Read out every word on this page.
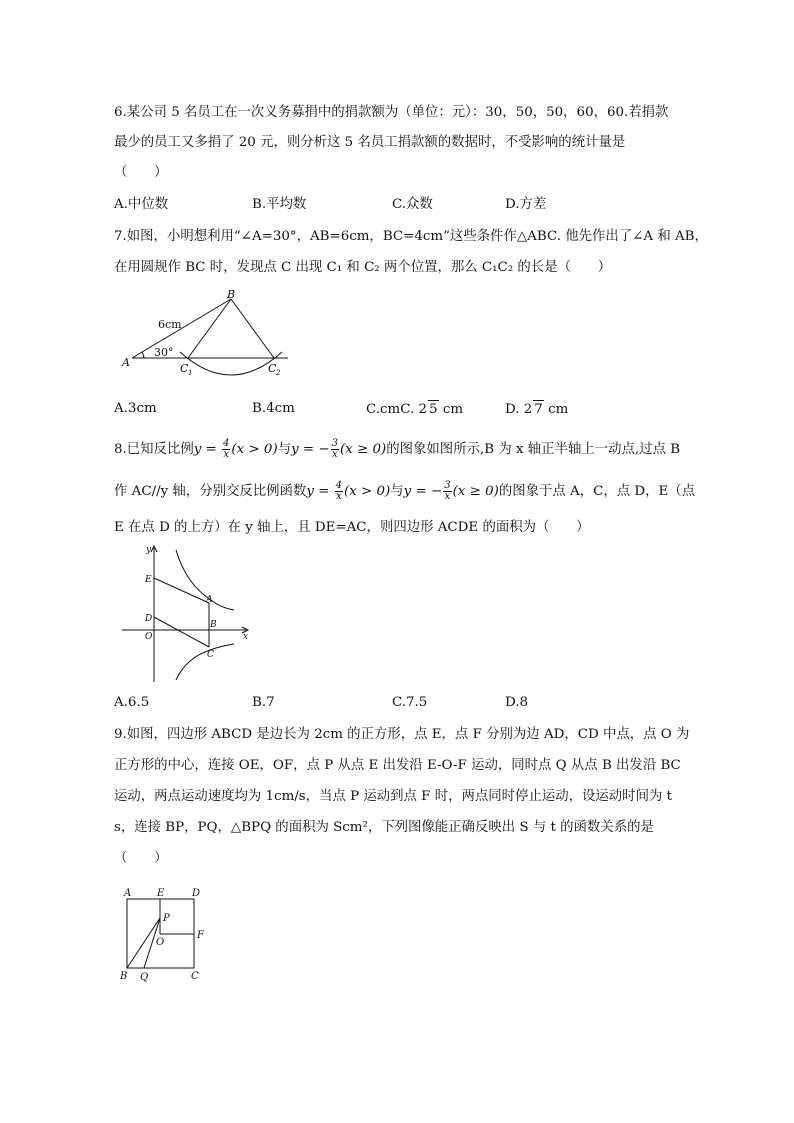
6.某公司 5 名员工在一次义务募捐中的捐款额为（单位：元）：30，50，50，60，60.若捐款
最少的员工又多捐了 20 元，则分析这 5 名员工捐款额的数据时，不受影响的统计量是
（　　）
A.中位数	B.平均数	C.众数	D.方差
7.如图，小明想利用“∠A=30°，AB=6cm，BC=4cm”这些条件作△ABC. 他先作出了∠A 和 AB，
在用圆规作 BC 时，发现点 C 出现 C₁ 和 C₂ 两个位置，那么 C₁C₂ 的长是（　　）
B
A	C 1	C 2
6cm
30°
A.3cm	B.4cm	C.cmC. 2 5 cm	D. 2 7 cm
8.已知反比例$y = \frac{4}{x} (x > 0)$与y = − $\frac{3}{x} (x \ge 0)$的图象如图所示,B 为 x 轴正半轴上一动点,过点 B
作 AC//y 轴，分别交反比例函数$y = \frac{4}{x} (x > 0)$与y = − $\frac{3}{x} (x \ge 0)$的图象于点 A，C，点 D，E（点
E 在点 D 的上方）在 y 轴上，且 DE=AC，则四边形 ACDE 的面积为（　　）
y
x
E
D
O
A
B
C
A.6.5	B.7	C.7.5	D.8
9.如图，四边形 ABCD 是边长为 2cm 的正方形，点 E，点 F 分别为边 AD，CD 中点，点 O 为
正方形的中心，连接 OE，OF，点 P 从点 E 出发沿 E-O-F 运动，同时点 Q 从点 B 出发沿 BC
运动，两点运动速度均为 1cm/s，当点 P 运动到点 F 时，两点同时停止运动，设运动时间为 t
s，连接 BP，PQ，△BPQ 的面积为 Scm²，下列图像能正确反映出 S 与 t 的函数关系的是
（　　）
A	E	D
P
O
F
B Q	C
